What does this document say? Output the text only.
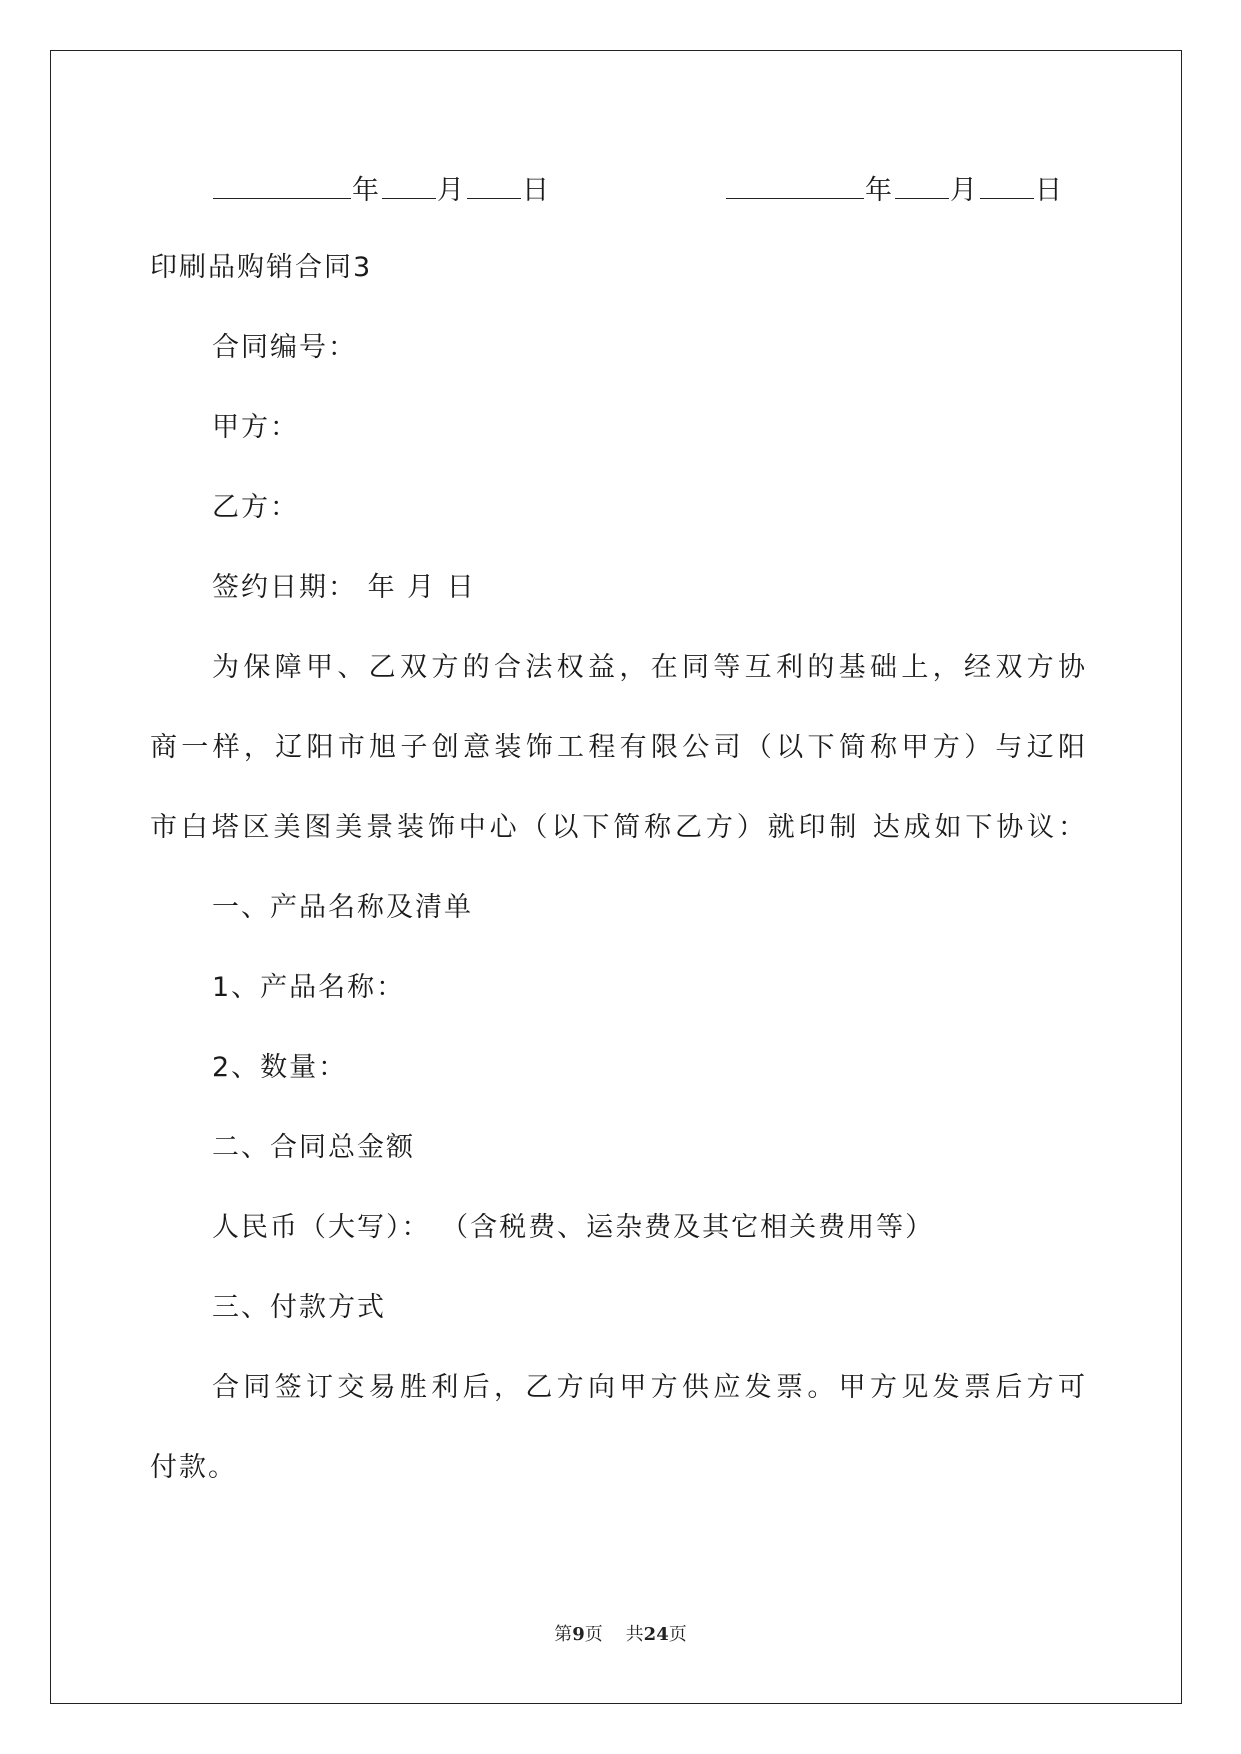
年 月 日	年 月 日
印刷品购销合同3
合同编号：
甲方：
乙方：
签约日期： 年 月 日
为保障甲、乙双方的合法权益，在同等互利的基础上，经双方协
商一样，辽阳市旭子创意装饰工程有限公司（以下简称甲方）与辽阳
市白塔区美图美景装饰中心（以下简称乙方）就印制 达成如下协议：
一、产品名称及清单
1、产品名称：
2、数量：
二、合同总金额
人民币（大写）： （含税费、运杂费及其它相关费用等）
三、付款方式
合同签订交易胜利后，乙方向甲方供应发票。甲方见发票后方可
付款。
第9页 共24页
